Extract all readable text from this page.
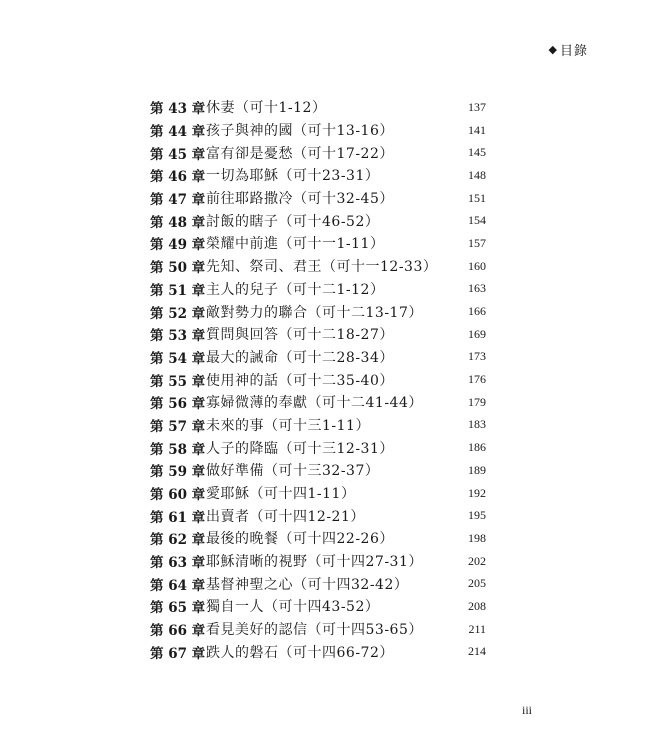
◆ 目錄
第 43 章 休妻（可十1-12）	137
第 44 章 孩子與神的國（可十13-16）	141
第 45 章 富有卻是憂愁（可十17-22）	145
第 46 章 一切為耶穌（可十23-31）	148
第 47 章 前往耶路撒冷（可十32-45）	151
第 48 章 討飯的瞎子（可十46-52）	154
第 49 章 榮耀中前進（可十一1-11）	157
第 50 章 先知、祭司、君王（可十一12-33）	160
第 51 章 主人的兒子（可十二1-12）	163
第 52 章 敵對勢力的聯合（可十二13-17）	166
第 53 章 質問與回答（可十二18-27）	169
第 54 章 最大的誡命（可十二28-34）	173
第 55 章 使用神的話（可十二35-40）	176
第 56 章 寡婦微薄的奉獻（可十二41-44）	179
第 57 章 未來的事（可十三1-11）	183
第 58 章 人子的降臨（可十三12-31）	186
第 59 章 做好準備（可十三32-37）	189
第 60 章 愛耶穌（可十四1-11）	192
第 61 章 出賣者（可十四12-21）	195
第 62 章 最後的晚餐（可十四22-26）	198
第 63 章 耶穌清晰的視野（可十四27-31）	202
第 64 章 基督神聖之心（可十四32-42）	205
第 65 章 獨自一人（可十四43-52）	208
第 66 章 看見美好的認信（可十四53-65）	211
第 67 章 跌人的磐石（可十四66-72）	214
iii
